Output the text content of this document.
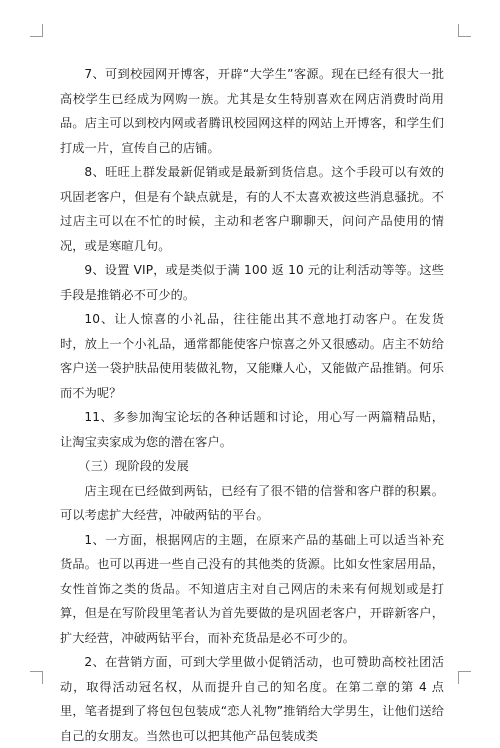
7、可到校园网开博客，开辟“大学生”客源。现在已经有很大一批高校学生已经成为网购一族。尤其是女生特别喜欢在网店消费时尚用品。店主可以到校内网或者腾讯校园网这样的网站上开博客，和学生们打成一片，宣传自己的店铺。

8、旺旺上群发最新促销或是最新到货信息。这个手段可以有效的巩固老客户，但是有个缺点就是，有的人不太喜欢被这些消息骚扰。不过店主可以在不忙的时候，主动和老客户聊聊天，问问产品使用的情况，或是寒暄几句。

9、设置 VIP，或是类似于满 100 返 10 元的让利活动等等。这些手段是推销必不可少的。

10、让人惊喜的小礼品，往往能出其不意地打动客户。在发货时，放上一个小礼品，通常都能使客户惊喜之外又很感动。店主不妨给客户送一袋护肤品使用装做礼物，又能赚人心，又能做产品推销。何乐而不为呢？

11、多参加淘宝论坛的各种话题和讨论，用心写一两篇精品贴，让淘宝卖家成为您的潜在客户。

（三）现阶段的发展

店主现在已经做到两钻，已经有了很不错的信誉和客户群的积累。可以考虑扩大经营，冲破两钻的平台。

1、一方面，根据网店的主题，在原来产品的基础上可以适当补充货品。也可以再进一些自己没有的其他类的货源。比如女性家居用品，女性首饰之类的货品。不知道店主对自己网店的未来有何规划或是打算，但是在写阶段里笔者认为首先要做的是巩固老客户，开辟新客户，扩大经营，冲破两钻平台，而补充货品是必不可少的。

2、在营销方面，可到大学里做小促销活动，也可赞助高校社团活动，取得活动冠名权，从而提升自己的知名度。在第二章的第 4 点里，笔者提到了将包包包装成“恋人礼物”推销给大学男生，让他们送给自己的女朋友。当然也可以把其他产品包装成类
